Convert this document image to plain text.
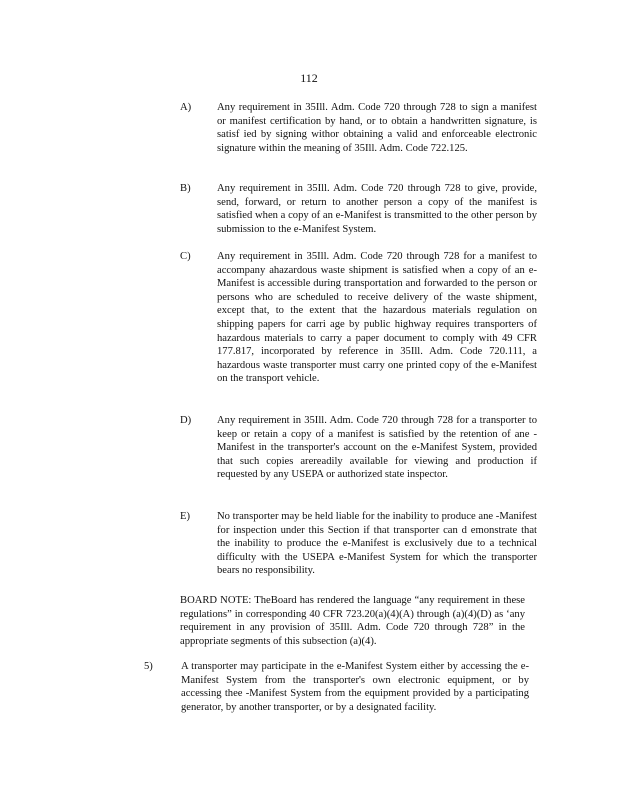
112
A) Any requirement in 35Ill. Adm. Code 720 through 728 to sign a manifest or manifest certification by hand, or to obtain a handwritten signature, is satisf ied by signing withor obtaining a valid and enforceable electronic signature within the meaning of 35Ill. Adm. Code 722.125.
B) Any requirement in 35Ill. Adm. Code 720 through 728 to give, provide, send, forward, or return to another person a copy of the manifest is satisfied when a copy of an e-Manifest is transmitted to the other person by submission to the e-Manifest System.
C) Any requirement in 35Ill. Adm. Code 720 through 728 for a manifest to accompany ahazardous waste shipment is satisfied when a copy of an e-Manifest is accessible during transportation and forwarded to the person or persons who are scheduled to receive delivery of the waste shipment, except that, to the extent that the hazardous materials regulation on shipping papers for carri age by public highway requires transporters of hazardous materials to carry a paper document to comply with 49 CFR 177.817, incorporated by reference in 35Ill. Adm. Code 720.111, a hazardous waste transporter must carry one printed copy of the e-Manifest on the transport vehicle.
D) Any requirement in 35Ill. Adm. Code 720 through 728 for a transporter to keep or retain a copy of a manifest is satisfied by the retention of ane - Manifest in the transporter's account on the e-Manifest System, provided that such copies arereadily available for viewing and production if requested by any USEPA or authorized state inspector.
E)	No transporter may be held liable for the inability to produce ane -Manifest for inspection under this Section if that transporter can d emonstrate that the inability to produce the e-Manifest is exclusively due to a technical difficulty with the USEPA e-Manifest System for which the transporter bears no responsibility.
BOARD NOTE: TheBoard has rendered the language “any requirement in these regulations” in corresponding 40 CFR 723.20(a)(4)(A) through (a)(4)(D) as ‘any requirement in any provision of 35Ill. Adm. Code 720 through 728” in the appropriate segments of this subsection (a)(4).
5)	A transporter may participate in the e-Manifest System either by accessing the e-Manifest System from the transporter's own electronic equipment, or by accessing thee -Manifest System from the equipment provided by a participating generator, by another transporter, or by a designated facility.
